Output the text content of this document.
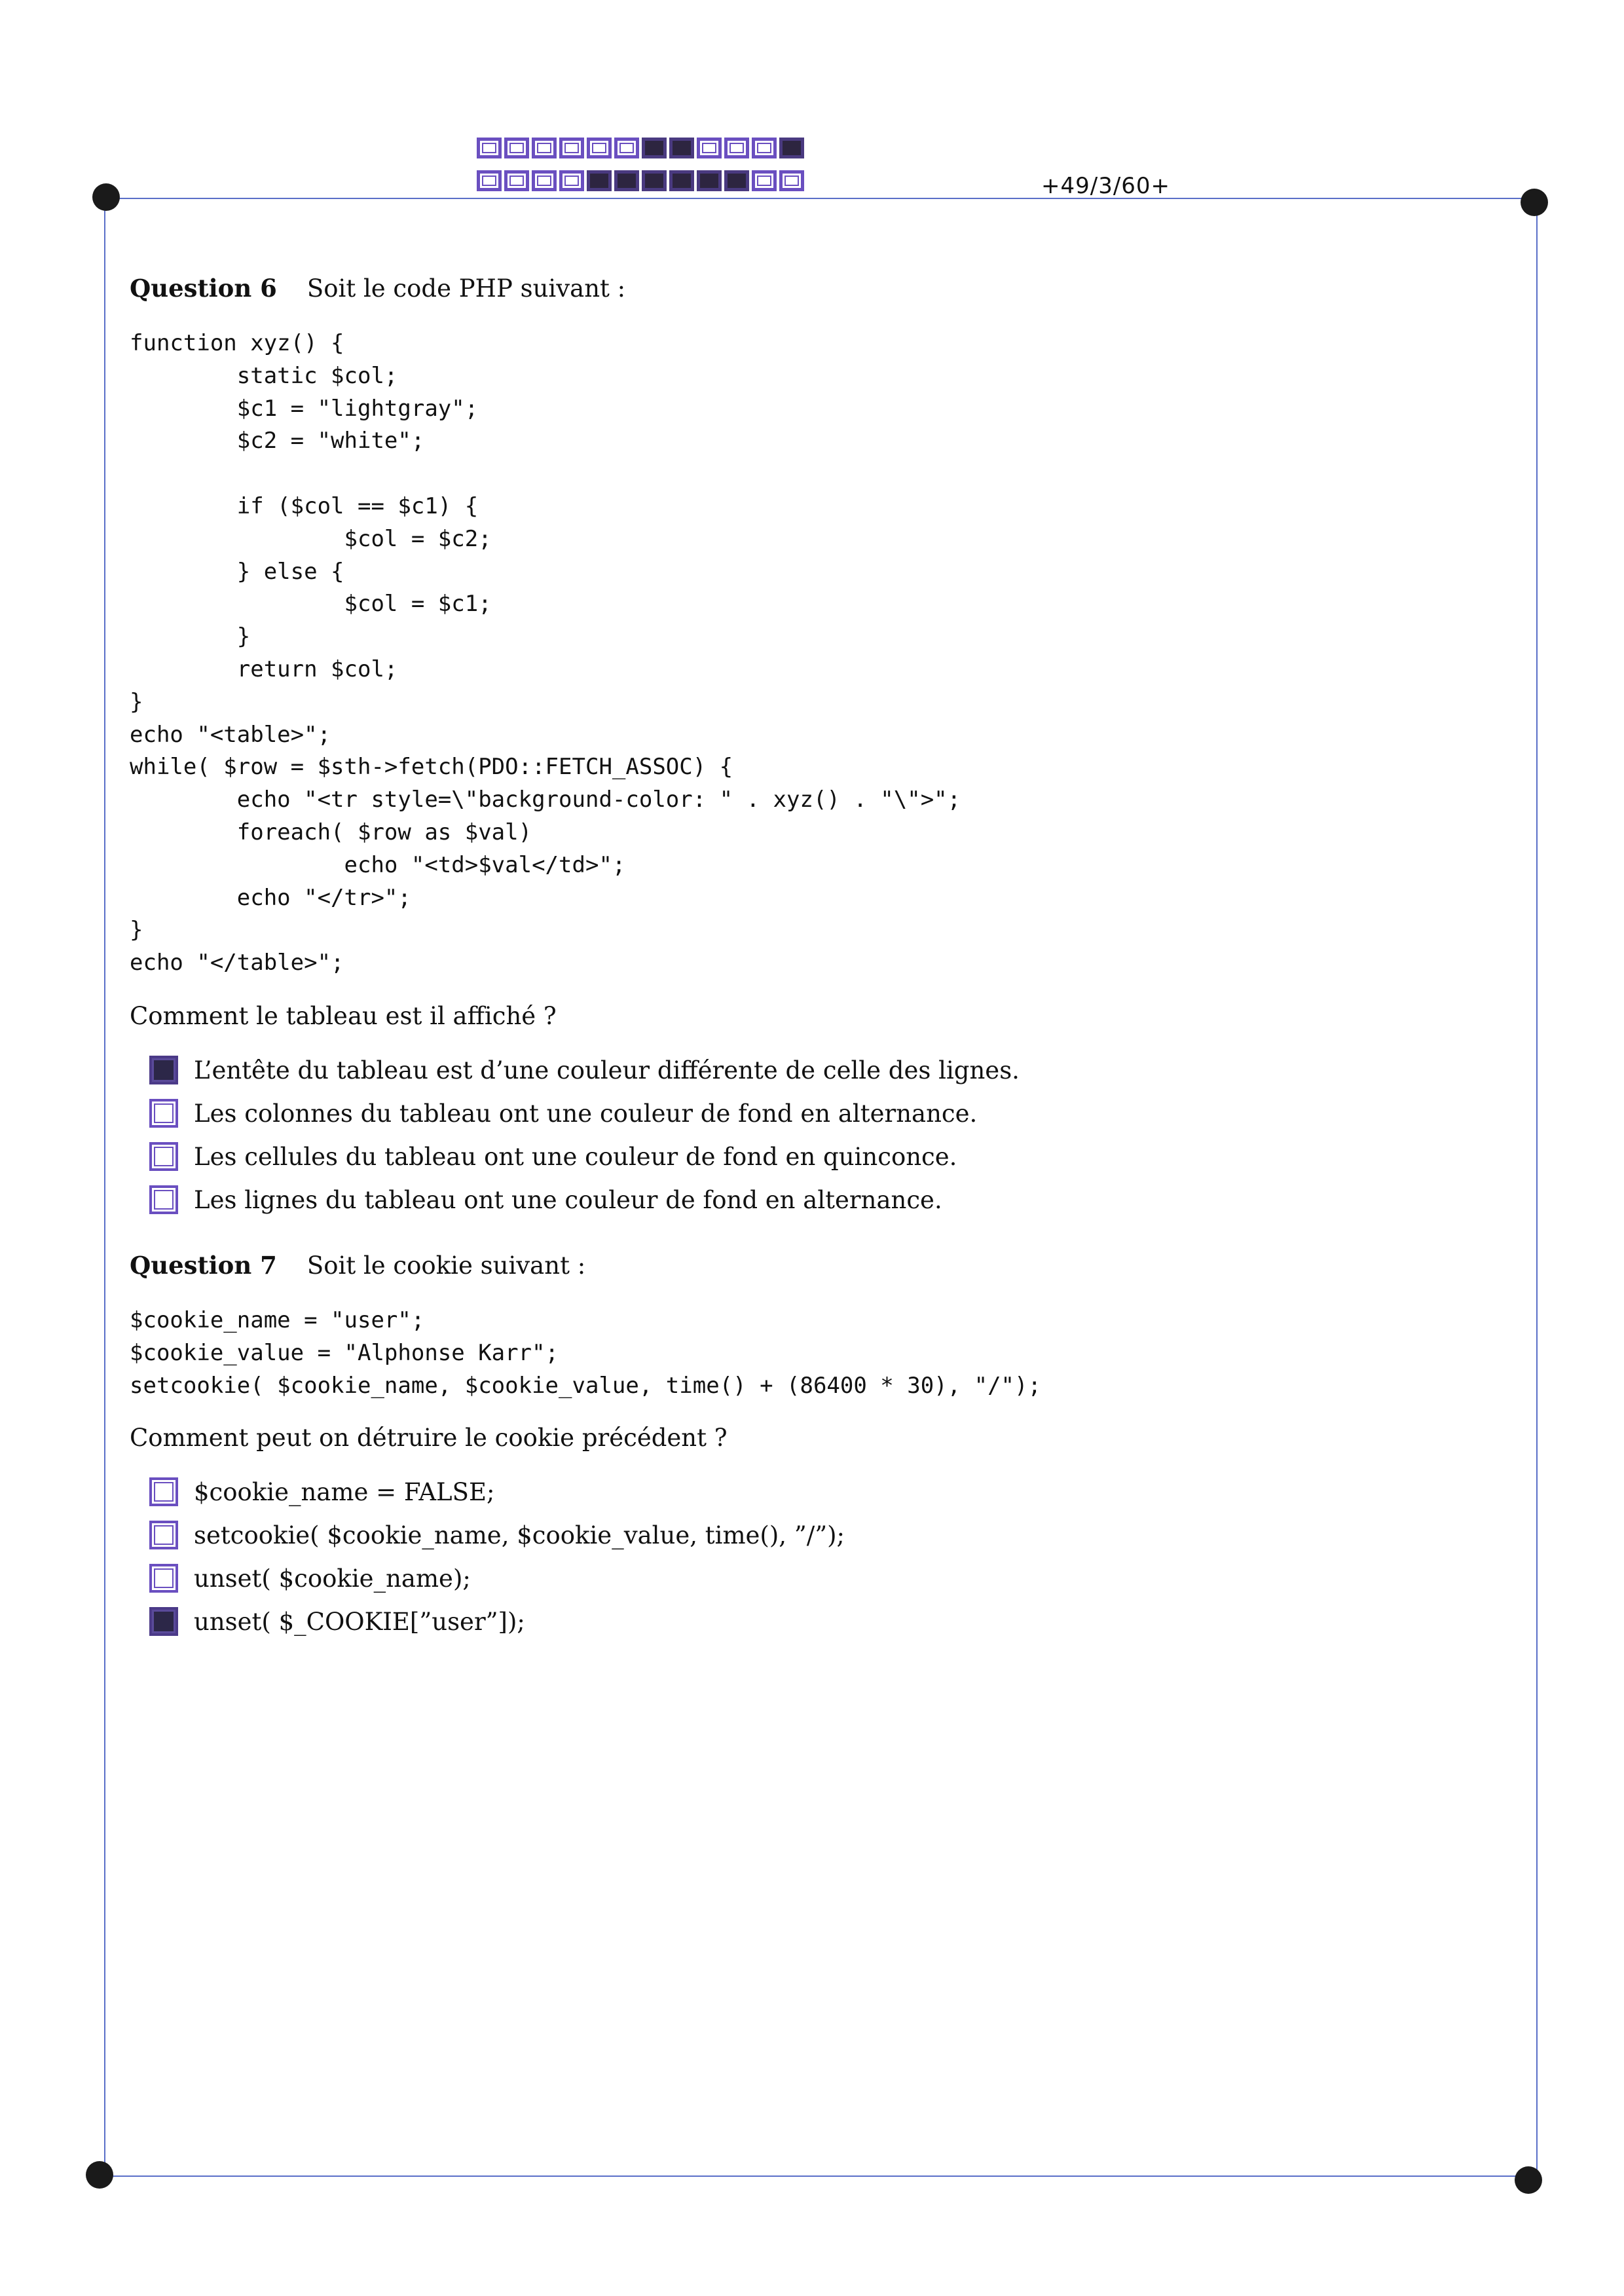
+49/3/60+
Question 6 Soit le code PHP suivant :
function xyz() {
static $col;
$c1 = "lightgray";
$c2 = "white";

if ($col == $c1) {
$col = $c2;
} else {
$col = $c1;
}
return $col;
}
echo "<table>";
while( $row = $sth->fetch(PDO::FETCH_ASSOC) {
echo "<tr style=\"background-color: " . xyz() . "\">";
foreach( $row as $val)
echo "<td>$val</td>";
echo "</tr>";
}
echo "</table>";
Comment le tableau est il affiché ?
L’entête du tableau est d’une couleur différente de celle des lignes.
Les colonnes du tableau ont une couleur de fond en alternance.
Les cellules du tableau ont une couleur de fond en quinconce.
Les lignes du tableau ont une couleur de fond en alternance.
Question 7 Soit le cookie suivant :
$cookie_name = "user";
$cookie_value = "Alphonse Karr";
setcookie( $cookie_name, $cookie_value, time() + (86400 * 30), "/");
Comment peut on détruire le cookie précédent ?
$cookie_name = FALSE;
setcookie( $cookie_name, $cookie_value, time(), ”/”);
unset( $cookie_name);
unset( $_COOKIE[”user”]);
